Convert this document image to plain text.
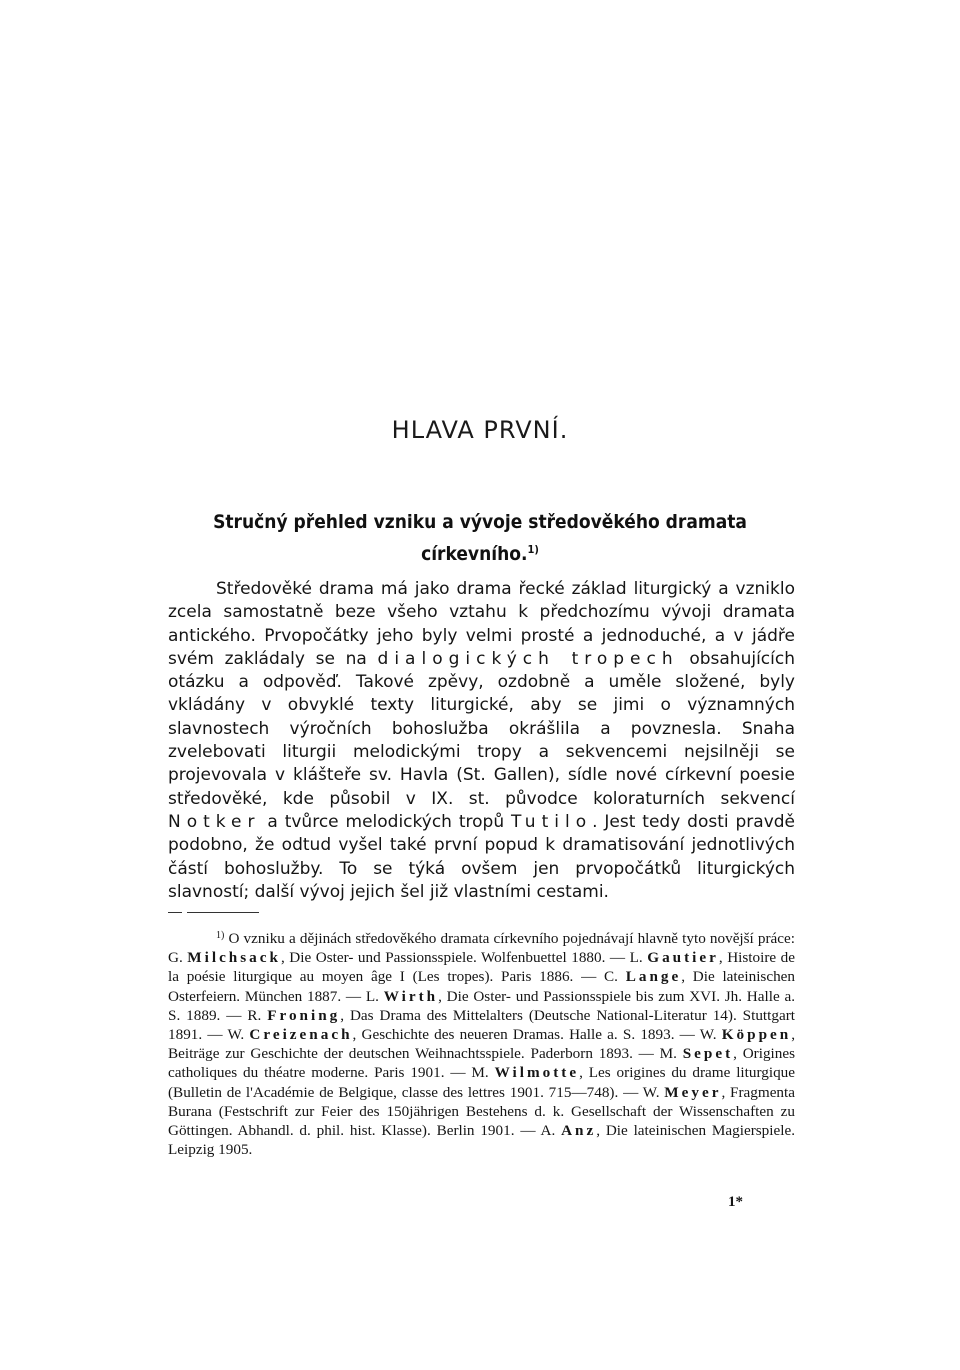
HLAVA PRVNÍ.
Stručný přehled vzniku a vývoje středověkého dramata církevního.$^{1)}$

Středověké drama má jako drama řecké základ liturgický a vzniklo zcela samostatně beze všeho vztahu k předchozímu vývoji dramata antického. Prvopočátky jeho byly velmi prosté a jednoduché, a v jádře svém zakládaly se na dialogických tropech obsahujících otázku a odpověď. Takové zpěvy, ozdobně a uměle složené, byly vkládány v obvyklé texty liturgické, aby se jimi o významných slavnostech výročních bohoslužba okrášlila a povznesla. Snaha zvelebovati liturgii melodickými tropy a sekvencemi nejsilněji se projevovala v klášteře sv. Havla (St. Gallen), sídle nové církevní poesie středověké, kde působil v IX. st. původce koloraturních sekvencí Notker a tvůrce melodických tropů Tutilo. Jest tedy dosti pravdě podobno, že odtud vyšel také první popud k dramatisování jednotlivých částí bohoslužby. To se týká ovšem jen prvopočátků liturgických slavností; další vývoj jejich šel již vlastními cestami.

$^{1)}$ O vzniku a dějinách středověkého dramata církevního pojednávají hlavně tyto novější práce: G. Milchsack, Die Oster- und Passionsspiele. Wolfenbuettel 1880. — L. Gautier, Histoire de la poésie liturgique au moyen âge I (Les tropes). Paris 1886. — C. Lange, Die lateinischen Osterfeiern. München 1887. — L. Wirth, Die Oster- und Passionsspiele bis zum XVI. Jh. Halle a. S. 1889. — R. Froning, Das Drama des Mittelalters (Deutsche National-Literatur 14). Stuttgart 1891. — W. Creizenach, Geschichte des neueren Dramas. Halle a. S. 1893. — W. Köppen, Beiträge zur Geschichte der deutschen Weihnachtsspiele. Paderborn 1893. — M. Sepet, Origines catholiques du théatre moderne. Paris 1901. — M. Wilmotte, Les origines du drame liturgique (Bulletin de l'Académie de Belgique, classe des lettres 1901. 715—748). — W. Meyer, Fragmenta Burana (Festschrift zur Feier des 150jährigen Bestehens d. k. Gesellschaft der Wissenschaften zu Göttingen. Abhandl. d. phil. hist. Klasse). Berlin 1901. — A. Anz, Die lateinischen Magierspiele. Leipzig 1905.

1*
